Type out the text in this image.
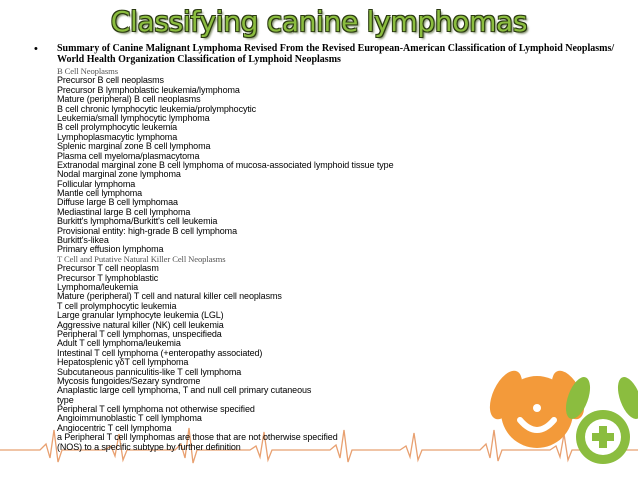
Classifying canine lymphomas
• Summary of Canine Malignant Lymphoma Revised From the Revised European-American Classification of Lymphoid Neoplasms/ World Health Organization Classification of Lymphoid Neoplasms
B Cell Neoplasms
Precursor B cell neoplasms
Precursor B lymphoblastic leukemia/lymphoma
Mature (peripheral) B cell neoplasms
B cell chronic lymphocytic leukemia/prolymphocytic
Leukemia/small lymphocytic lymphoma
B cell prolymphocytic leukemia
Lymphoplasmacytic lymphoma
Splenic marginal zone B cell lymphoma
Plasma cell myeloma/plasmacytoma
Extranodal marginal zone B cell lymphoma of mucosa-associated lymphoid tissue type
Nodal marginal zone lymphoma
Follicular lymphoma
Mantle cell lymphoma
Diffuse large B cell lymphomaa
Mediastinal large B cell lymphoma
Burkitt's lymphoma/Burkitt's cell leukemia
Provisional entity: high-grade B cell lymphoma
Burkitt's-likea
Primary effusion lymphoma
T Cell and Putative Natural Killer Cell Neoplasms
Precursor T cell neoplasm
Precursor T lymphoblastic
Lymphoma/leukemia
Mature (peripheral) T cell and natural killer cell neoplasms
T cell prolymphocytic leukemia
Large granular lymphocyte leukemia (LGL)
Aggressive natural killer (NK) cell leukemia
Peripheral T cell lymphomas, unspecifiedа
Adult T cell lymphoma/leukemia
Intestinal T cell lymphoma (+enteropathy associated)
Hepatosplenic γδT cell lymphoma
Subcutaneous panniculitis-like T cell lymphoma
Mycosis fungoides/Sezary syndrome
Anaplastic large cell lymphoma, T and null cell primary cutaneous
type
Peripheral T cell lymphoma not otherwise specified
Angioimmunoblastic T cell lymphoma
Angiocentric T cell lymphoma
a Peripheral T cell lymphomas are those that are not otherwise specified
(NOS) to a specific subtype by further definition
